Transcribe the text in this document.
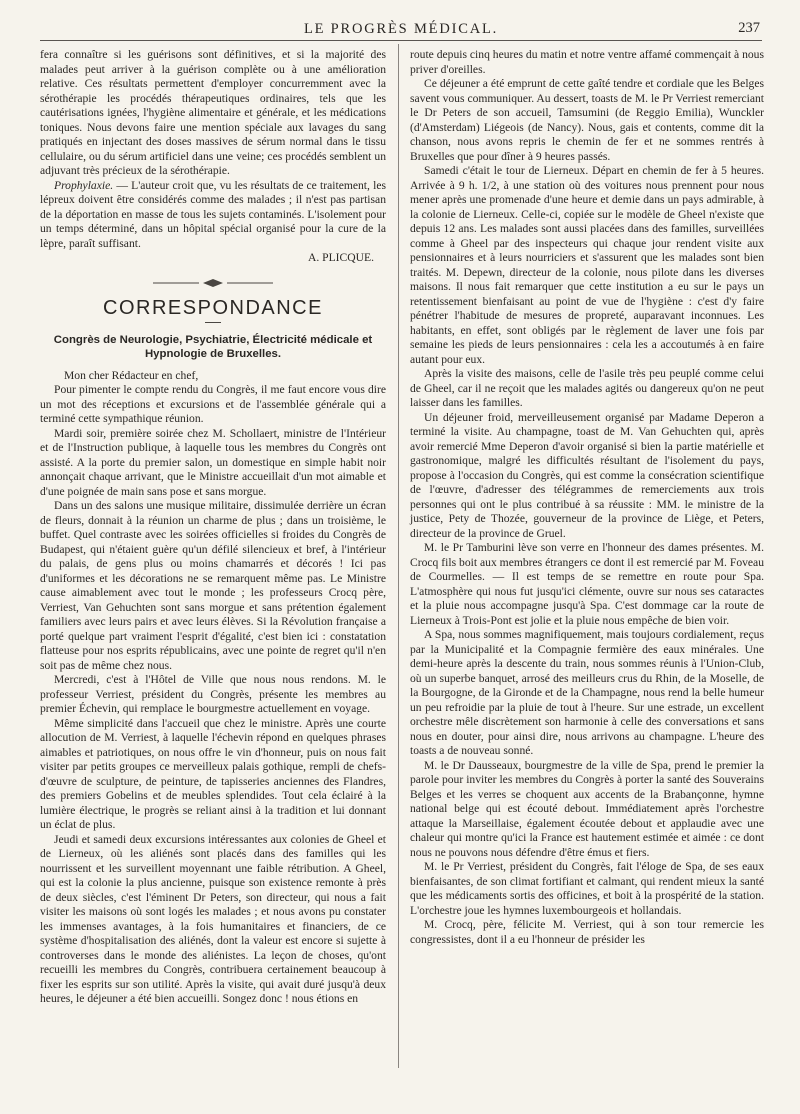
LE PROGRÈS MÉDICAL.	237

fera connaître si les guérisons sont définitives, et si la majorité des malades peut arriver à la guérison complète ou à une amélioration relative. Ces résultats permettent d'employer concurremment avec la sérothérapie les procédés thérapeutiques ordinaires, tels que les cautérisations ignées, l'hygiène alimentaire et générale, et les médications toniques. Nous devons faire une mention spéciale aux lavages du sang pratiqués en injectant des doses massives de sérum normal dans le tissu cellulaire, ou du sérum artificiel dans une veine; ces procédés semblent un adjuvant très précieux de la sérothérapie.

Prophylaxie. — L'auteur croit que, vu les résultats de ce traitement, les lépreux doivent être considérés comme des malades ; il n'est pas partisan de la déportation en masse de tous les sujets contaminés. L'isolement pour un temps déterminé, dans un hôpital spécial organisé pour la cure de la lèpre, paraît suffisant.

A. PLICQUE.
CORRESPONDANCE
Congrès de Neurologie, Psychiatrie, Électricité médicale et Hypnologie de Bruxelles.

Mon cher Rédacteur en chef,

Pour pimenter le compte rendu du Congrès, il me faut encore vous dire un mot des réceptions et excursions et de l'assemblée générale qui a terminé cette sympathique réunion.

Mardi soir, première soirée chez M. Schollaert, ministre de l'Intérieur et de l'Instruction publique, à laquelle tous les membres du Congrès ont assisté. A la porte du premier salon, un domestique en simple habit noir annonçait chaque arrivant, que le Ministre accueillait d'un mot aimable et d'une poignée de main sans pose et sans morgue.

Dans un des salons une musique militaire, dissimulée derrière un écran de fleurs, donnait à la réunion un charme de plus ; dans un troisième, le buffet. Quel contraste avec les soirées officielles si froides du Congrès de Budapest, qui n'étaient guère qu'un défilé silencieux et bref, à l'intérieur du palais, de gens plus ou moins chamarrés et décorés ! Ici pas d'uniformes et les décorations ne se remarquent même pas. Le Ministre cause aimablement avec tout le monde ; les professeurs Crocq père, Verriest, Van Gehuchten sont sans morgue et sans prétention également familiers avec leurs pairs et avec leurs élèves. Si la Révolution française a porté quelque part vraiment l'esprit d'égalité, c'est bien ici : constatation flatteuse pour nos esprits républicains, avec une pointe de regret qu'il n'en soit pas de même chez nous.

Mercredi, c'est à l'Hôtel de Ville que nous nous rendons. M. le professeur Verriest, président du Congrès, présente les membres au premier Échevin, qui remplace le bourgmestre actuellement en voyage.

Même simplicité dans l'accueil que chez le ministre. Après une courte allocution de M. Verriest, à laquelle l'échevin répond en quelques phrases aimables et patriotiques, on nous offre le vin d'honneur, puis on nous fait visiter par petits groupes ce merveilleux palais gothique, rempli de chefs-d'œuvre de sculpture, de peinture, de tapisseries anciennes des Flandres, des premiers Gobelins et de meubles splendides. Tout cela éclairé à la lumière électrique, le progrès se reliant ainsi à la tradition et lui donnant un éclat de plus.

Jeudi et samedi deux excursions intéressantes aux colonies de Gheel et de Lierneux, où les aliénés sont placés dans des familles qui les nourrissent et les surveillent moyennant une faible rétribution. A Gheel, qui est la colonie la plus ancienne, puisque son existence remonte à près de deux siècles, c'est l'éminent Dr Peters, son directeur, qui nous a fait visiter les maisons où sont logés les malades ; et nous avons pu constater les immenses avantages, à la fois humanitaires et financiers, de ce système d'hospitalisation des aliénés, dont la valeur est encore si sujette à controverses dans le monde des aliénistes. La leçon de choses, qu'ont recueilli les membres du Congrès, contribuera certainement beaucoup à fixer les esprits sur son utilité. Après la visite, qui avait duré jusqu'à deux heures, le déjeuner a été bien accueilli. Songez donc ! nous étions en

route depuis cinq heures du matin et notre ventre affamé commençait à nous priver d'oreilles.

Ce déjeuner a été emprunt de cette gaîté tendre et cordiale que les Belges savent vous communiquer. Au dessert, toasts de M. le Pr Verriest remerciant le Dr Peters de son accueil, Tamsumini (de Reggio Emilia), Wunckler (d'Amsterdam) Liégeois (de Nancy). Nous, gais et contents, comme dit la chanson, nous avons repris le chemin de fer et ne sommes rentrés à Bruxelles que pour dîner à 9 heures passés.

Samedi c'était le tour de Lierneux. Départ en chemin de fer à 5 heures. Arrivée à 9 h. 1/2, à une station où des voitures nous prennent pour nous mener après une promenade d'une heure et demie dans un pays admirable, à la colonie de Lierneux. Celle-ci, copiée sur le modèle de Gheel n'existe que depuis 12 ans. Les malades sont aussi placées dans des familles, surveillées comme à Gheel par des inspecteurs qui chaque jour rendent visite aux pensionnaires et à leurs nourriciers et s'assurent que les malades sont bien traités. M. Depewn, directeur de la colonie, nous pilote dans les diverses maisons. Il nous fait remarquer que cette institution a eu sur le pays un retentissement bienfaisant au point de vue de l'hygiène : c'est d'y faire pénétrer l'habitude de mesures de propreté, auparavant inconnues. Les habitants, en effet, sont obligés par le règlement de laver une fois par semaine les pieds de leurs pensionnaires : cela les a accoutumés à en faire autant pour eux.

Après la visite des maisons, celle de l'asile très peu peuplé comme celui de Gheel, car il ne reçoit que les malades agités ou dangereux qu'on ne peut laisser dans les familles.

Un déjeuner froid, merveilleusement organisé par Madame Deperon a terminé la visite. Au champagne, toast de M. Van Gehuchten qui, après avoir remercié Mme Deperon d'avoir organisé si bien la partie matérielle et gastronomique, malgré les difficultés résultant de l'isolement du pays, propose à l'occasion du Congrès, qui est comme la consécration scientifique de l'œuvre, d'adresser des télégrammes de remerciements aux trois personnes qui ont le plus contribué à sa réussite : MM. le ministre de la justice, Pety de Thozée, gouverneur de la province de Liège, et Peters, directeur de la province de Gruel.

M. le Pr Tamburini lève son verre en l'honneur des dames présentes. M. Crocq fils boit aux membres étrangers ce dont il est remercié par M. Foveau de Courmelles. — Il est temps de se remettre en route pour Spa. L'atmosphère qui nous fut jusqu'ici clémente, ouvre sur nous ses cataractes et la pluie nous accompagne jusqu'à Spa. C'est dommage car la route de Lierneux à Trois-Pont est jolie et la pluie nous empêche de bien voir.

A Spa, nous sommes magnifiquement, mais toujours cordialement, reçus par la Municipalité et la Compagnie fermière des eaux minérales. Une demi-heure après la descente du train, nous sommes réunis à l'Union-Club, où un superbe banquet, arrosé des meilleurs crus du Rhin, de la Moselle, de la Bourgogne, de la Gironde et de la Champagne, nous rend la belle humeur un peu refroidie par la pluie de tout à l'heure. Sur une estrade, un excellent orchestre mêle discrètement son harmonie à celle des conversations et sans nous en douter, pour ainsi dire, nous arrivons au champagne. L'heure des toasts a de nouveau sonné.

M. le Dr Dausseaux, bourgmestre de la ville de Spa, prend le premier la parole pour inviter les membres du Congrès à porter la santé des Souverains Belges et les verres se choquent aux accents de la Brabançonne, hymne national belge qui est écouté debout. Immédiatement après l'orchestre attaque la Marseillaise, également écoutée debout et applaudie avec une chaleur qui montre qu'ici la France est hautement estimée et aimée : ce dont nous ne pouvons nous défendre d'être émus et fiers.

M. le Pr Verriest, président du Congrès, fait l'éloge de Spa, de ses eaux bienfaisantes, de son climat fortifiant et calmant, qui rendent mieux la santé que les médicaments sortis des officines, et boit à la prospérité de la station. L'orchestre joue les hymnes luxembourgeois et hollandais.

M. Crocq, père, félicite M. Verriest, qui à son tour remercie les congressistes, dont il a eu l'honneur de présider les
